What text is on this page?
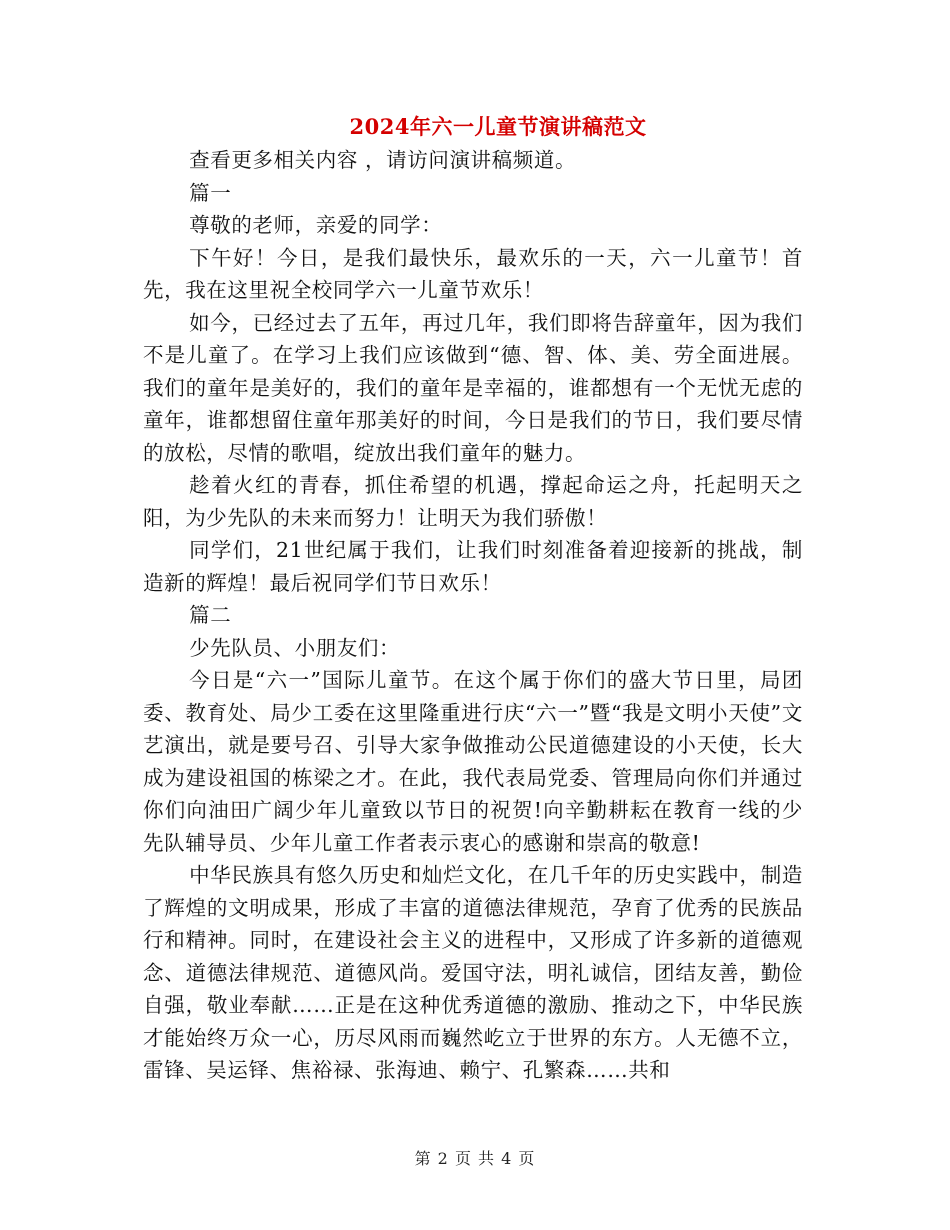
2024年六一儿童节演讲稿范文

查看更多相关内容 ，请访问演讲稿频道。

篇一

尊敬的老师，亲爱的同学：

下午好！今日，是我们最快乐，最欢乐的一天，六一儿童节！首先，我在这里祝全校同学六一儿童节欢乐！

如今，已经过去了五年，再过几年，我们即将告辞童年，因为我们不是儿童了。在学习上我们应该做到“德、智、体、美、劳全面进展。我们的童年是美好的，我们的童年是幸福的，谁都想有一个无忧无虑的童年，谁都想留住童年那美好的时间，今日是我们的节日，我们要尽情的放松，尽情的歌唱，绽放出我们童年的魅力。

趁着火红的青春，抓住希望的机遇，撑起命运之舟，托起明天之阳，为少先队的未来而努力！让明天为我们骄傲！

同学们，21世纪属于我们，让我们时刻准备着迎接新的挑战，制造新的辉煌！最后祝同学们节日欢乐！

篇二

少先队员、小朋友们：

今日是“六一”国际儿童节。在这个属于你们的盛大节日里，局团委、教育处、局少工委在这里隆重进行庆“六一”暨“我是文明小天使”文艺演出，就是要号召、引导大家争做推动公民道德建设的小天使，长大成为建设祖国的栋梁之才。在此，我代表局党委、管理局向你们并通过你们向油田广阔少年儿童致以节日的祝贺!向辛勤耕耘在教育一线的少先队辅导员、少年儿童工作者表示衷心的感谢和崇高的敬意!

中华民族具有悠久历史和灿烂文化，在几千年的历史实践中，制造了辉煌的文明成果，形成了丰富的道德法律规范，孕育了优秀的民族品行和精神。同时，在建设社会主义的进程中，又形成了许多新的道德观念、道德法律规范、道德风尚。爱国守法，明礼诚信，团结友善，勤俭自强，敬业奉献……正是在这种优秀道德的激励、推动之下，中华民族才能始终万众一心，历尽风雨而巍然屹立于世界的东方。人无德不立，雷锋、吴运铎、焦裕禄、张海迪、赖宁、孔繁森……共和

第 2 页 共 4 页
